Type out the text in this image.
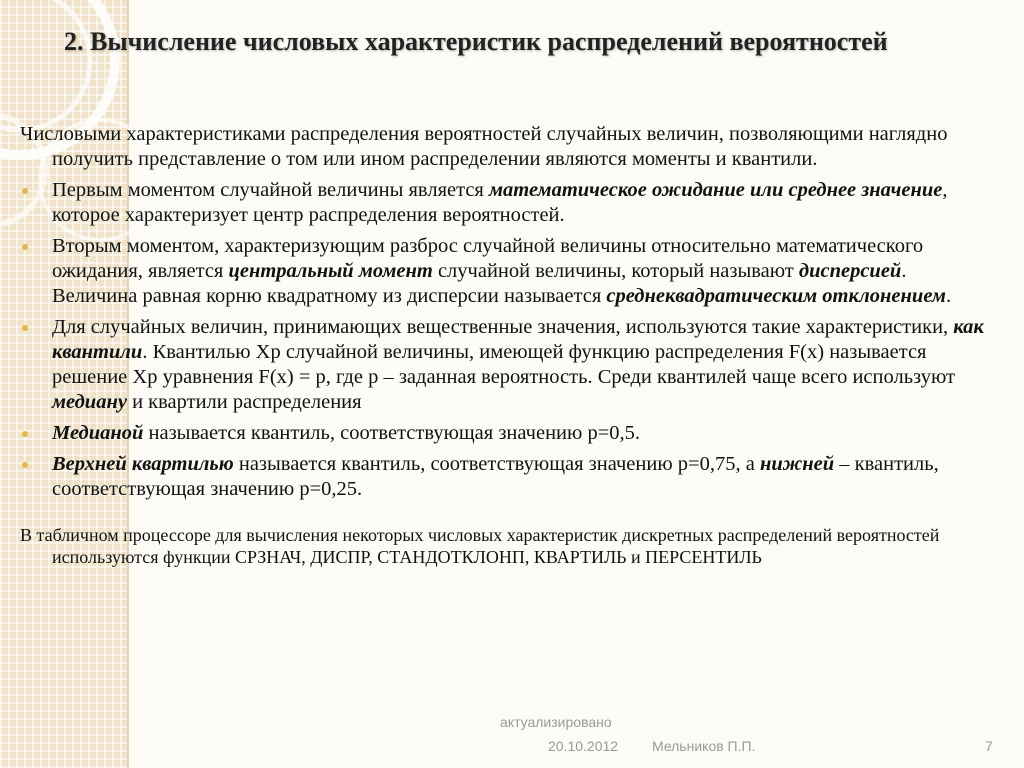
2. Вычисление числовых характеристик распределений вероятностей

Числовыми характеристиками распределения вероятностей случайных величин, позволяющими наглядно получить представление о том или ином распределении являются моменты и квантили.

Первым моментом случайной величины является математическое ожидание или среднее значение, которое характеризует центр распределения вероятностей.

Вторым моментом, характеризующим разброс случайной величины относительно математического ожидания, является центральный момент случайной величины, который называют дисперсией. Величина равная корню квадратному из дисперсии называется среднеквадратическим отклонением.

Для случайных величин, принимающих вещественные значения, используются такие характеристики, как квантили. Квантилью Хр случайной величины, имеющей функцию распределения F(x) называется решение Хр уравнения F(x) = p, где p – заданная вероятность. Среди квантилей чаще всего используют медиану и квартили распределения

Медианой называется квантиль, соответствующая значению p=0,5.

Верхней квартилью называется квантиль, соответствующая значению p=0,75, а нижней – квантиль, соответствующая значению p=0,25.

В табличном процессоре для вычисления некоторых числовых характеристик дискретных распределений вероятностей используются функции СРЗНАЧ, ДИСПР, СТАНДОТКЛОНП, КВАРТИЛЬ и ПЕРСЕНТИЛЬ

актуализировано
20.10.2012 Мельников П.П.	7
